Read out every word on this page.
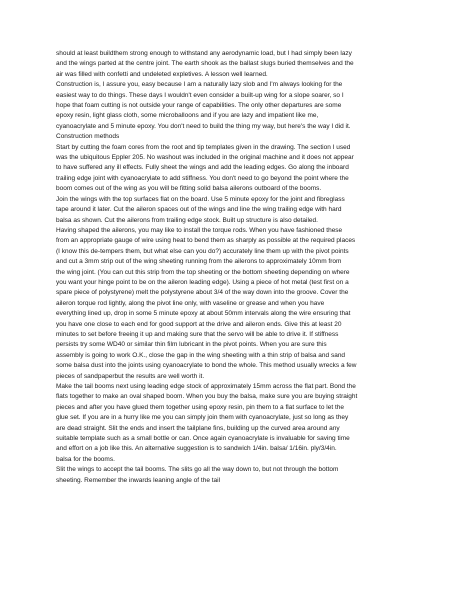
should at least buildthem strong enough to withstand any aerodynamic load, but I had simply been lazy
and the wings parted at the centre joint. The earth shook as the ballast slugs buried themselves and the
air was filled with confetti and undeleted expletives. A lesson well learned.
Construction is, I assure you, easy because I am a naturally lazy slob and I'm always looking for the
easiest way to do things. These days I wouldn't even consider a built-up wing for a slope soarer, so I
hope that foam cutting is not outside your range of capabilities. The only other departures are some
epoxy resin, light glass cloth, some microballoons and if you are lazy and impatient like me,
cyanoacrylate and 5 minute epoxy. You don't need to build the thing my way, but here's the way I did it.
Construction methods
Start by cutting the foam cores from the root and tip templates given in the drawing. The section I used
was the ubiquitous Eppler 205. No washout was included in the original machine and it does not appear
to have suffered any ill effects. Fully sheet the wings and add the leading edges. Go along the inboard
trailing edge joint with cyanoacrylate to add stiffness. You don't need to go beyond the point where the
boom comes out of the wing as you will be fitting solid balsa ailerons outboard of the booms.
Join the wings with the top surfaces flat on the board. Use 5 minute epoxy for the joint and fibreglass
tape around it later. Cut the aileron spaces out of the wings and line the wing trailing edge with hard
balsa as shown. Cut the ailerons from trailing edge stock. Built up structure is also detailed.
Having shaped the ailerons, you may like to install the torque rods. When you have fashioned these
from an appropriate gauge of wire using heat to bend them as sharply as possible at the required places
(I know this de-tempers them, but what else can you do?) accurately line them up with the pivot points
and cut a 3mm strip out of the wing sheeting running from the ailerons to approximately 10mm from
the wing joint. (You can cut this strip from the top sheeting or the bottom sheeting depending on where
you want your hinge point to be on the aileron leading edge). Using a piece of hot metal (test first on a
spare piece of polystyrene) melt the polystyrene about 3/4 of the way down into the groove. Cover the
aileron torque rod lightly, along the pivot line only, with vaseline or grease and when you have
everything lined up, drop in some 5 minute epoxy at about 50mm intervals along the wire ensuring that
you have one close to each end for good support at the drive and aileron ends. Give this at least 20
minutes to set before freeing it up and making sure that the servo will be able to drive it. If stiffness
persists try some WD40 or similar thin film lubricant in the pivot points. When you are sure this
assembly is going to work O.K., close the gap in the wing sheeting with a thin strip of balsa and sand
some balsa dust into the joints using cyanoacrylate to bond the whole. This method usually wrecks a few
pieces of sandpaperbut the results are well worth it.
Make the tail booms next using leading edge stock of approximately 15mm across the flat part. Bond the
flats together to make an oval shaped boom. When you buy the balsa, make sure you are buying straight
pieces and after you have glued them together using epoxy resin, pin them to a flat surface to let the
glue set. If you are in a hurry like me you can simply join them with cyanoacrylate, just so long as they
are dead straight. Slit the ends and insert the tailplane fins, building up the curved area around any
suitable template such as a small bottle or can. Once again cyanoacrylate is invaluable for saving time
and effort on a job like this. An alternative suggestion is to sandwich 1/4in. balsa/ 1/16in. ply/3/4in.
balsa for the booms.
Slit the wings to accept the tail booms. The slits go all the way down to, but not through the bottom
sheeting. Remember the inwards leaning angle of the tail
